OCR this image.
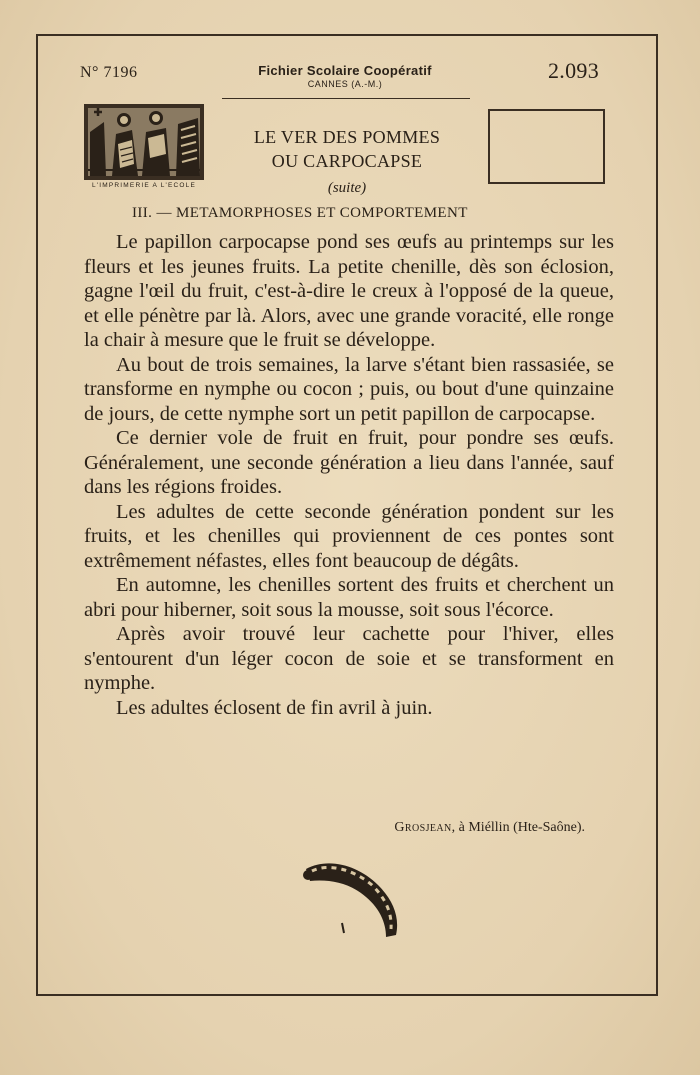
N° 7196	Fichier Scolaire Coopératif
CANNES (A.-M.)
2.093
L'IMPRIMERIE A L'ECOLE
LE VER DES POMMES
OU CARPOCAPSE
(suite)
III. — METAMORPHOSES ET COMPORTEMENT

Le papillon carpocapse pond ses œufs au printemps sur les fleurs et les jeunes fruits. La petite chenille, dès son éclosion, gagne l'œil du fruit, c'est-à-dire le creux à l'opposé de la queue, et elle pénètre par là. Alors, avec une grande voracité, elle ronge la chair à mesure que le fruit se développe.

Au bout de trois semaines, la larve s'étant bien rassasiée, se transforme en nymphe ou cocon ; puis, ou bout d'une quinzaine de jours, de cette nymphe sort un petit papillon de carpocapse.

Ce dernier vole de fruit en fruit, pour pondre ses œufs. Généralement, une seconde génération a lieu dans l'année, sauf dans les régions froides.

Les adultes de cette seconde génération pondent sur les fruits, et les chenilles qui proviennent de ces pontes sont extrêmement néfastes, elles font beaucoup de dégâts.

En automne, les chenilles sortent des fruits et cherchent un abri pour hiberner, soit sous la mousse, soit sous l'écorce.

Après avoir trouvé leur cachette pour l'hiver, elles s'entourent d'un léger cocon de soie et se transforment en nymphe.

Les adultes éclosent de fin avril à juin.

Grosjean, à Miéllin (Hte-Saône).
